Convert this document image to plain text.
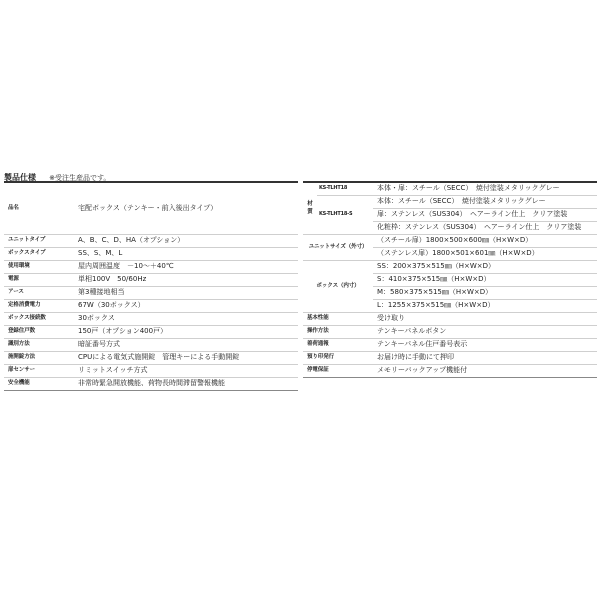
製品仕様 ※受注生産品です。
品名	宅配ボックス（テンキー・前入後出タイプ）
ユニットタイプ	A、B、C、D、HA（オプション）
ボックスタイプ	SS、S、M、L
使用環境	屋内周囲温度　－10～＋40℃
電源	単相100V　50/60Hz
アース	第3種接地相当
定格消費電力	67W（30ボックス）
ボックス接続数	30ボックス
登録住戸数	150戸（オプション400戸）
識別方法	暗証番号方式
施開錠方法	CPUによる電気式施開錠　管理キーによる手動開錠
扉センサー	リミットスイッチ方式
安全機能	非常時緊急開放機能、荷物長時間滞留警報機能
材質	KS-TLHT18	本体・扉：スチール（SECC）　焼付塗装メタリックグレー
	KS-TLHT18-S	本体：スチール（SECC）　焼付塗装メタリックグレー
		扉：ステンレス（SUS304）　ヘアーライン仕上　クリア塗装
		化粧枠：ステンレス（SUS304）　ヘアーライン仕上　クリア塗装
ユニットサイズ（外寸）		（スチール扉）1800×500×600㎜（H×W×D）
		（ステンレス扉）1800×501×601㎜（H×W×D）
ボックス（内寸）		SS：200×375×515㎜（H×W×D）
		S：410×375×515㎜（H×W×D）
		M：580×375×515㎜（H×W×D）
		L：1255×375×515㎜（H×W×D）
基本性能		受け取り
操作方法		テンキーパネルボタン
着荷通報		テンキーパネル住戸番号表示
預り印発行		お届け時に手動にて押印
停電保証		メモリーバックアップ機能付
